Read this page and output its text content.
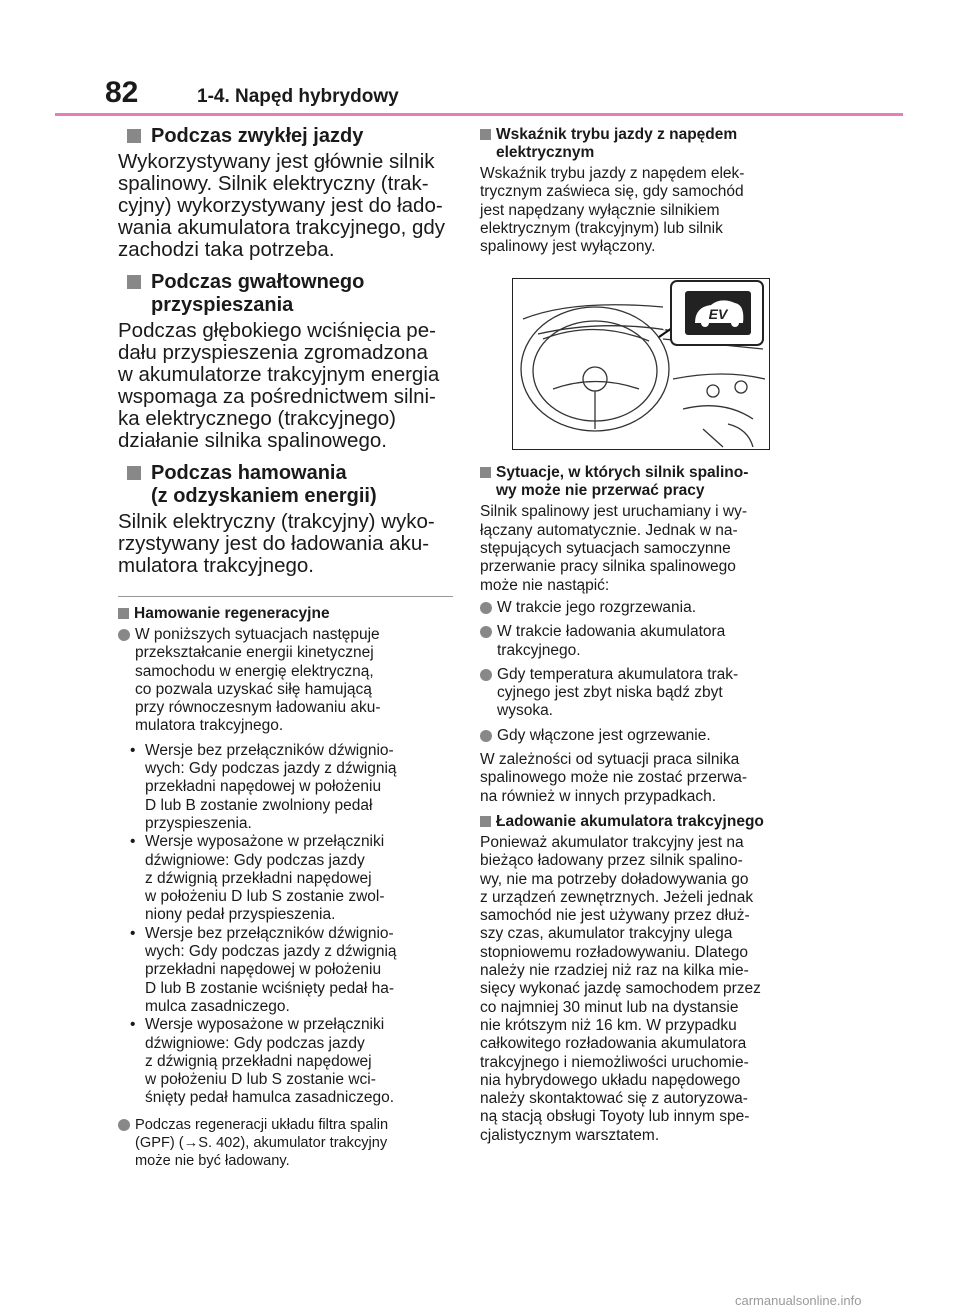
82	1-4. Napęd hybrydowy
Podczas zwykłej jazdy
Wykorzystywany jest głównie silnik
spalinowy. Silnik elektryczny (trak-
cyjny) wykorzystywany jest do łado-
wania akumulatora trakcyjnego, gdy
zachodzi taka potrzeba.
Podczas gwałtownego
przyspieszania
Podczas głębokiego wciśnięcia pe-
dału przyspieszenia zgromadzona
w akumulatorze trakcyjnym energia
wspomaga za pośrednictwem silni-
ka elektrycznego (trakcyjnego)
działanie silnika spalinowego.
Podczas hamowania
(z odzyskaniem energii)
Silnik elektryczny (trakcyjny) wyko-
rzystywany jest do ładowania aku-
mulatora trakcyjnego.
Hamowanie regeneracyjne
W poniższych sytuacjach następuje
przekształcanie energii kinetycznej
samochodu w energię elektryczną,
co pozwala uzyskać siłę hamującą
przy równoczesnym ładowaniu aku-
mulatora trakcyjnego.
• Wersje bez przełączników dźwignio-
wych: Gdy podczas jazdy z dźwignią
przekładni napędowej w położeniu
D lub B zostanie zwolniony pedał
przyspieszenia.
• Wersje wyposażone w przełączniki
dźwigniowe: Gdy podczas jazdy
z dźwignią przekładni napędowej
w położeniu D lub S zostanie zwol-
niony pedał przyspieszenia.
• Wersje bez przełączników dźwignio-
wych: Gdy podczas jazdy z dźwignią
przekładni napędowej w położeniu
D lub B zostanie wciśnięty pedał ha-
mulca zasadniczego.
• Wersje wyposażone w przełączniki
dźwigniowe: Gdy podczas jazdy
z dźwignią przekładni napędowej
w położeniu D lub S zostanie wci-
śnięty pedał hamulca zasadniczego.
Podczas regeneracji układu filtra spalin
(GPF) (→S. 402), akumulator trakcyjny
może nie być ładowany.
Wskaźnik trybu jazdy z napędem
elektrycznym
Wskaźnik trybu jazdy z napędem elek-
trycznym zaświeca się, gdy samochód
jest napędzany wyłącznie silnikiem
elektrycznym (trakcyjnym) lub silnik
spalinowy jest wyłączony.
EV
Sytuacje, w których silnik spalino-
wy może nie przerwać pracy
Silnik spalinowy jest uruchamiany i wy-
łączany automatycznie. Jednak w na-
stępujących sytuacjach samoczynne
przerwanie pracy silnika spalinowego
może nie nastąpić:
W trakcie jego rozgrzewania.
W trakcie ładowania akumulatora
trakcyjnego.
Gdy temperatura akumulatora trak-
cyjnego jest zbyt niska bądź zbyt
wysoka.
Gdy włączone jest ogrzewanie.
W zależności od sytuacji praca silnika
spalinowego może nie zostać przerwa-
na również w innych przypadkach.
Ładowanie akumulatora trakcyjnego
Ponieważ akumulator trakcyjny jest na
bieżąco ładowany przez silnik spalino-
wy, nie ma potrzeby doładowywania go
z urządzeń zewnętrznych. Jeżeli jednak
samochód nie jest używany przez dłuż-
szy czas, akumulator trakcyjny ulega
stopniowemu rozładowywaniu. Dlatego
należy nie rzadziej niż raz na kilka mie-
sięcy wykonać jazdę samochodem przez
co najmniej 30 minut lub na dystansie
nie krótszym niż 16 km. W przypadku
całkowitego rozładowania akumulatora
trakcyjnego i niemożliwości uruchomie-
nia hybrydowego układu napędowego
należy skontaktować się z autoryzowa-
ną stacją obsługi Toyoty lub innym spe-
cjalistycznym warsztatem.
carmanualsonline.info
